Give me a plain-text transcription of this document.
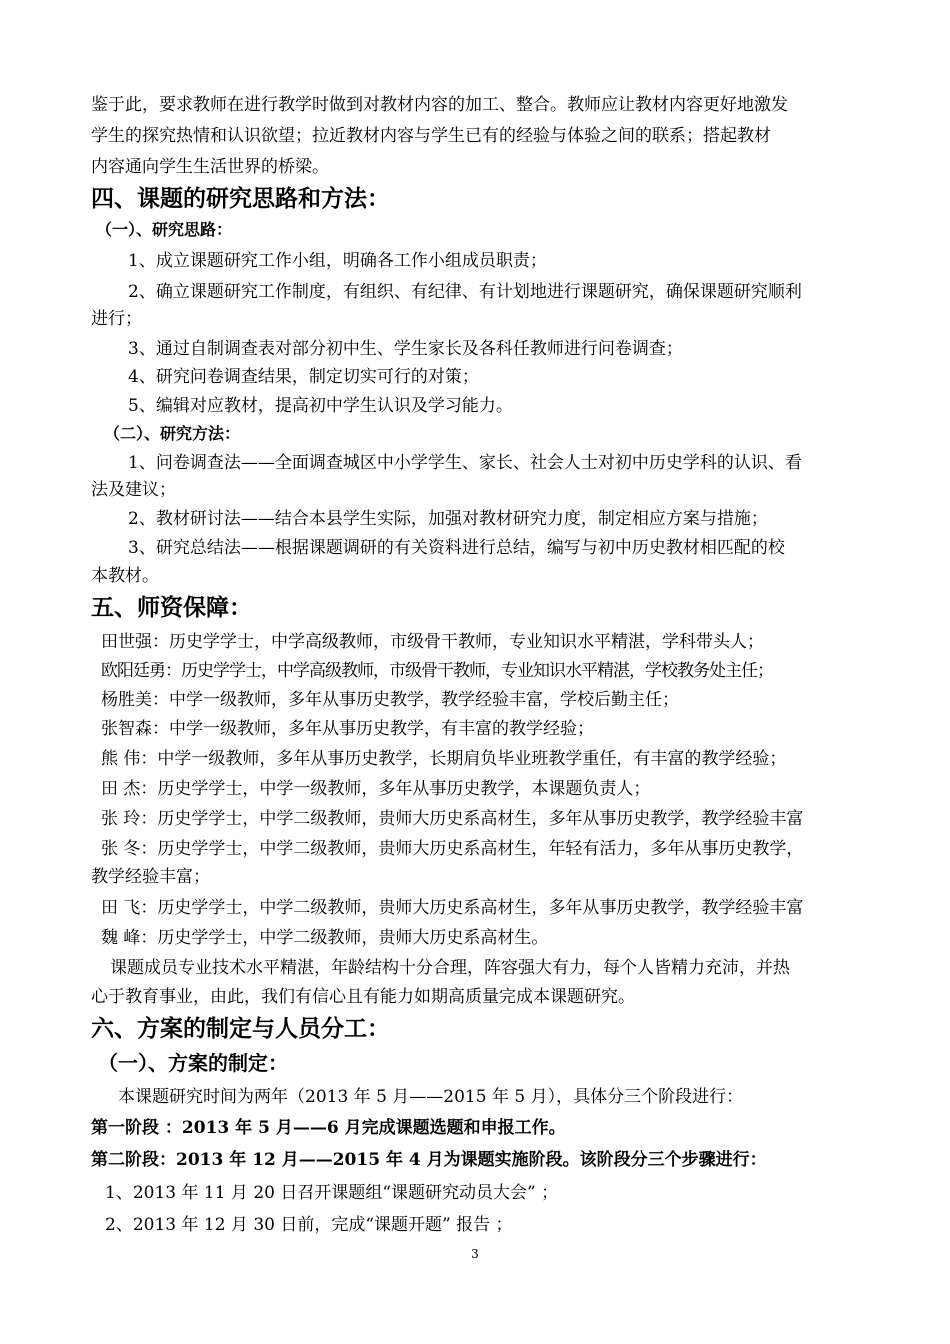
鉴于此，要求教师在进行教学时做到对教材内容的加工、整合。教师应让教材内容更好地激发
学生的探究热情和认识欲望；拉近教材内容与学生已有的经验与体验之间的联系；搭起教材
内容通向学生生活世界的桥梁。
四、课题的研究思路和方法：
（一）、研究思路：
1、成立课题研究工作小组，明确各工作小组成员职责；
2、确立课题研究工作制度，有组织、有纪律、有计划地进行课题研究，确保课题研究顺利
进行；
3、通过自制调查表对部分初中生、学生家长及各科任教师进行问卷调查；
4、研究问卷调查结果，制定切实可行的对策；
5、编辑对应教材，提高初中学生认识及学习能力。
（二）、研究方法：
1、问卷调查法——全面调查城区中小学学生、家长、社会人士对初中历史学科的认识、看
法及建议；
2、教材研讨法——结合本县学生实际，加强对教材研究力度，制定相应方案与措施；
3、研究总结法——根据课题调研的有关资料进行总结，编写与初中历史教材相匹配的校
本教材。
五、师资保障：
田世强：历史学学士，中学高级教师，市级骨干教师，专业知识水平精湛，学科带头人；
欧阳廷勇：历史学学士，中学高级教师，市级骨干教师，专业知识水平精湛，学校教务处主任；
杨胜美：中学一级教师，多年从事历史教学，教学经验丰富，学校后勤主任；
张智森：中学一级教师，多年从事历史教学，有丰富的教学经验；
熊 伟：中学一级教师，多年从事历史教学，长期肩负毕业班教学重任，有丰富的教学经验；
田 杰：历史学学士，中学一级教师，多年从事历史教学，本课题负责人；
张 玲：历史学学士，中学二级教师，贵师大历史系高材生，多年从事历史教学，教学经验丰富
张 冬：历史学学士，中学二级教师，贵师大历史系高材生，年轻有活力，多年从事历史教学，
教学经验丰富；
田 飞：历史学学士，中学二级教师，贵师大历史系高材生，多年从事历史教学，教学经验丰富
魏 峰：历史学学士，中学二级教师，贵师大历史系高材生。
课题成员专业技术水平精湛，年龄结构十分合理，阵容强大有力，每个人皆精力充沛，并热
心于教育事业，由此，我们有信心且有能力如期高质量完成本课题研究。
六、方案的制定与人员分工：
（一）、方案的制定：
本课题研究时间为两年（2013 年 5 月——2015 年 5 月），具体分三个阶段进行：
第一阶段 ：2013 年 5 月——6 月完成课题选题和申报工作。
第二阶段：2013 年 12 月——2015 年 4 月为课题实施阶段。该阶段分三个步骤进行：
1、2013 年 11 月 20 日召开课题组“课题研究动员大会” ；
2、2013 年 12 月 30 日前，完成“课题开题” 报告 ；
3
